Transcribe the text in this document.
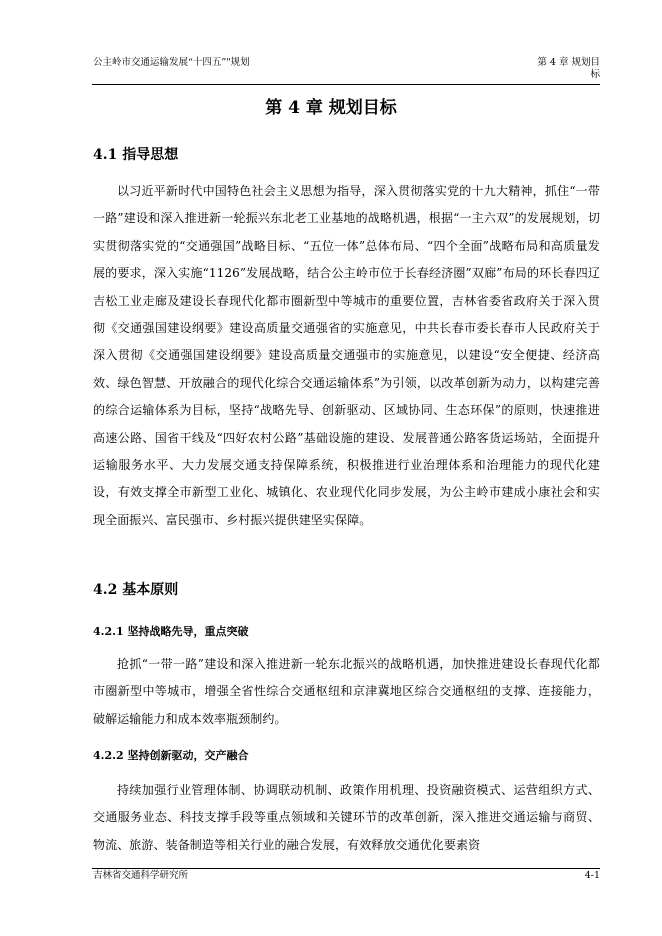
公主岭市交通运输发展“十四五”"规划	第 4 章 规划目标
第 4 章 规划目标
4.1 指导思想

以习近平新时代中国特色社会主义思想为指导，深入贯彻落实党的十九大精神，抓住“一带一路”建设和深入推进新一轮振兴东北老工业基地的战略机遇，根据“一主六双”的发展规划，切实贯彻落实党的“交通强国”战略目标、“五位一体”总体布局、“四个全面”战略布局和高质量发展的要求，深入实施“1126”发展战略，结合公主岭市位于长春经济圈”双廊”布局的环长春四辽吉松工业走廊及建设长春现代化都市圈新型中等城市的重要位置，吉林省委省政府关于深入贯彻《交通强国建设纲要》建设高质量交通强省的实施意见，中共长春市委长春市人民政府关于深入贯彻《交通强国建设纲要》建设高质量交通强市的实施意见，以建设“安全便捷、经济高效、绿色智慧、开放融合的现代化综合交通运输体系”为引领，以改革创新为动力，以构建完善的综合运输体系为目标，坚持“战略先导、创新驱动、区域协同、生态环保”的原则，快速推进高速公路、国省干线及“四好农村公路”基础设施的建设、发展普通公路客货运场站，全面提升运输服务水平、大力发展交通支持保障系统，积极推进行业治理体系和治理能力的现代化建设，有效支撑全市新型工业化、城镇化、农业现代化同步发展，为公主岭市建成小康社会和实现全面振兴、富民强市、乡村振兴提供建坚实保障。

4.2 基本原则
4.2.1 坚持战略先导，重点突破

抢抓“一带一路”建设和深入推进新一轮东北振兴的战略机遇，加快推进建设长春现代化都市圈新型中等城市，增强全省性综合交通枢纽和京津冀地区综合交通枢纽的支撑、连接能力，破解运输能力和成本效率瓶颈制约。

4.2.2 坚持创新驱动，交产融合

持续加强行业管理体制、协调联动机制、政策作用机理、投资融资模式、运营组织方式、交通服务业态、科技支撑手段等重点领域和关键环节的改革创新，深入推进交通运输与商贸、物流、旅游、装备制造等相关行业的融合发展，有效释放交通优化要素资

吉林省交通科学研究所	4-1
